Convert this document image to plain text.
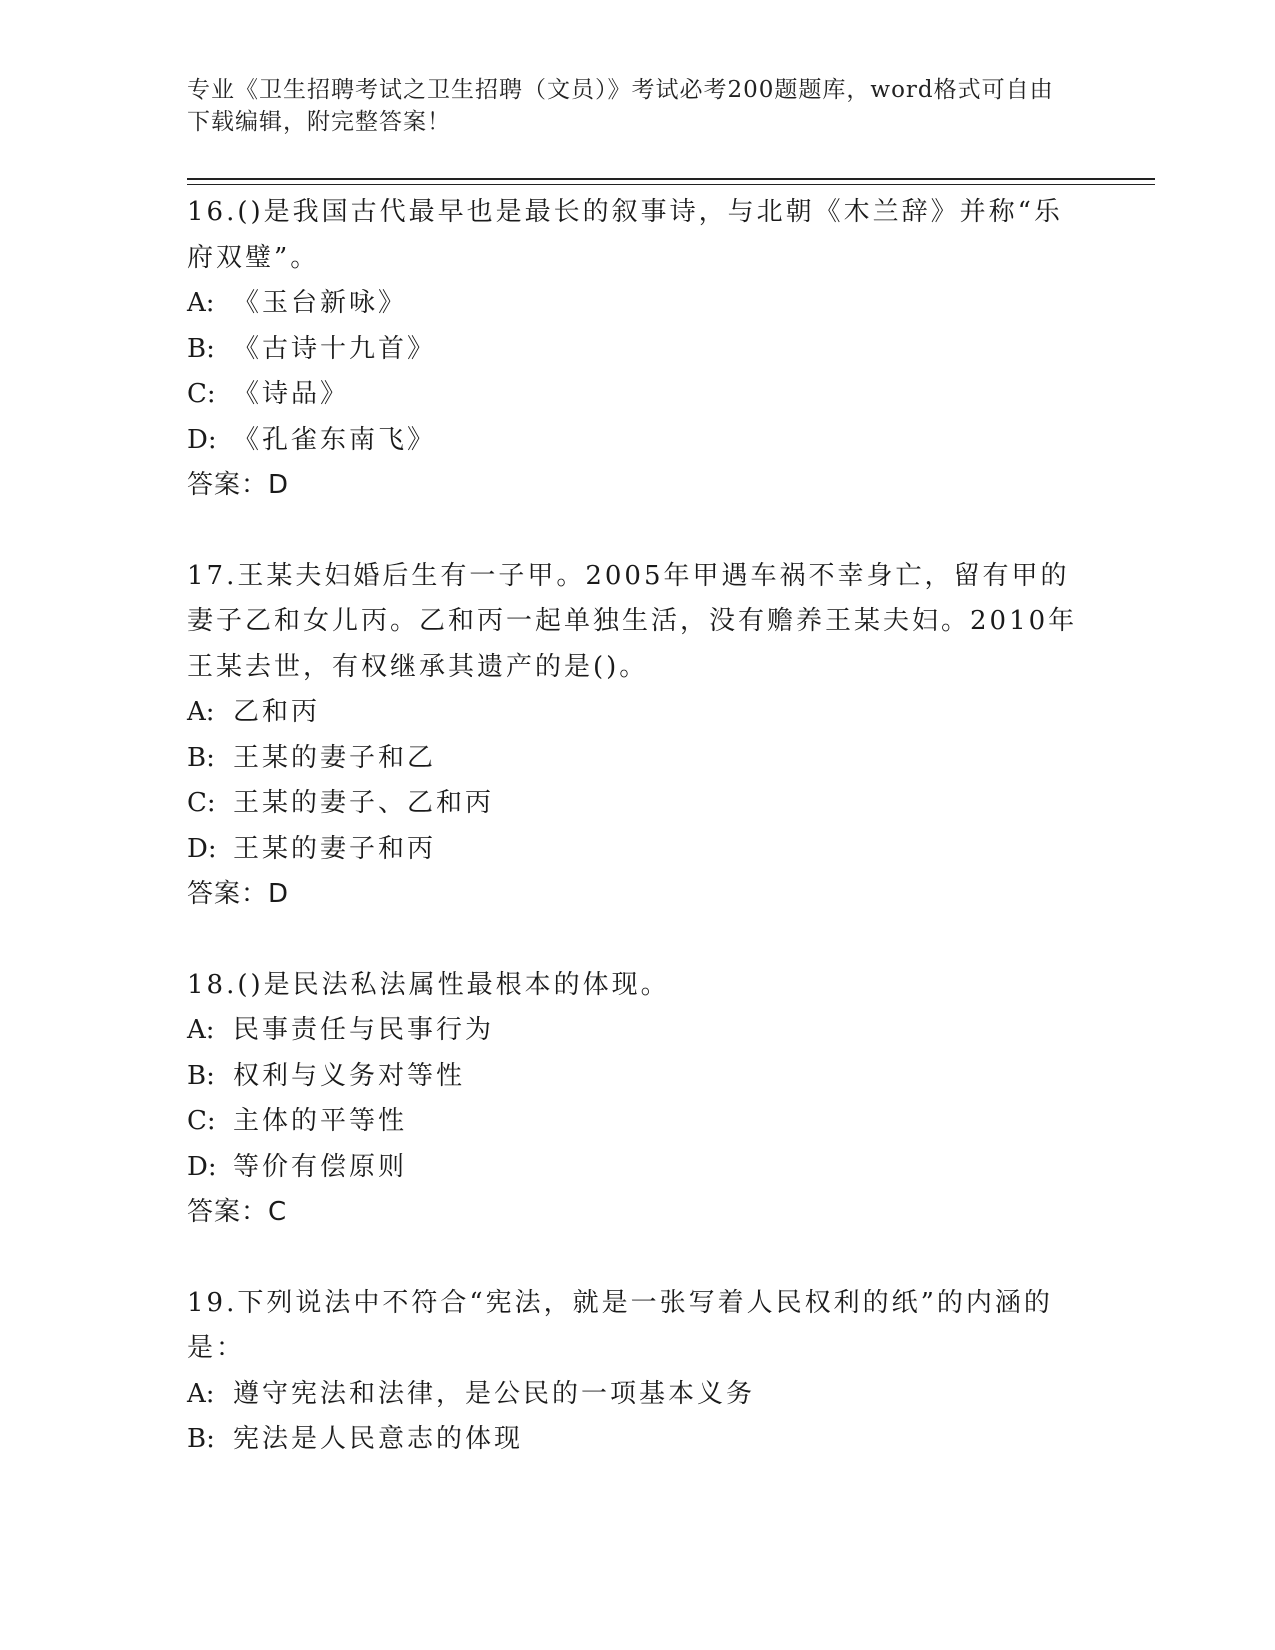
专业《卫生招聘考试之卫生招聘（文员）》考试必考200题题库，word格式可自由下载编辑，附完整答案！

16.()是我国古代最早也是最长的叙事诗，与北朝《木兰辞》并称“乐府双璧”。

A: 《玉台新咏》

B: 《古诗十九首》

C: 《诗品》

D: 《孔雀东南飞》

答案：D

17.王某夫妇婚后生有一子甲。2005年甲遇车祸不幸身亡，留有甲的妻子乙和女儿丙。乙和丙一起单独生活，没有赡养王某夫妇。2010年王某去世，有权继承其遗产的是()。

A: 乙和丙

B: 王某的妻子和乙

C: 王某的妻子、乙和丙

D: 王某的妻子和丙

答案：D

18.()是民法私法属性最根本的体现。

A: 民事责任与民事行为

B: 权利与义务对等性

C: 主体的平等性

D: 等价有偿原则

答案：C

19.下列说法中不符合“宪法，就是一张写着人民权利的纸”的内涵的是：

A: 遵守宪法和法律，是公民的一项基本义务

B: 宪法是人民意志的体现
